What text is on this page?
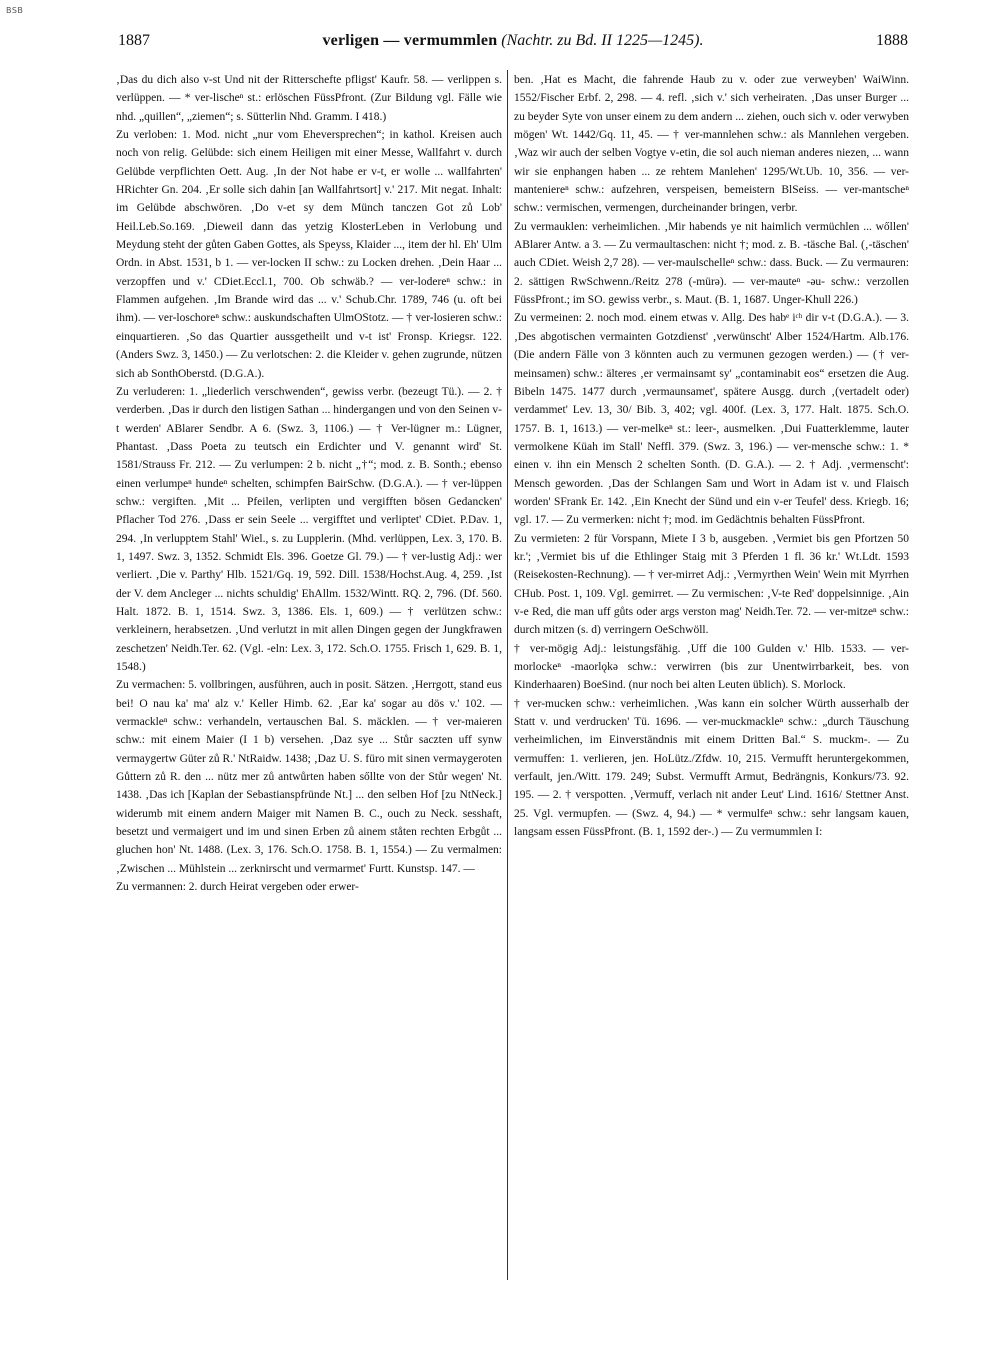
BSB
1887	verligen — vermummlen (Nachtr. zu Bd. II 1225—1245).	1888

‚Das du dich also v-st Und nit der Ritterschefte pfligst' Kaufr. 58. — verlippen s. verlüppen. — * ver-lischeⁿ st.: erlöschen FüssPfront. (Zur Bildung vgl. Fälle wie nhd. „quillen“, „ziemen“; s. Sütterlin Nhd. Gramm. I 418.)
Zu verloben: 1. Mod. nicht „nur vom Eheversprechen“; in kathol. Kreisen auch noch von relig. Gelübde: sich einem Heiligen mit einer Messe, Wallfahrt v. durch Gelübde verpflichten Oett. Aug. ‚In der Not habe er v-t, er wolle ... wallfahrten' HRichter Gn. 204. ‚Er solle sich dahin [an Wallfahrtsort] v.' 217. Mit negat. Inhalt: im Gelübde abschwören. ‚Do v-et sy dem Münch tanczen Got zů Lob' Heil.Leb.So.169. ‚Dieweil dann das yetzig KlosterLeben in Verlobung und Meydung steht der gůten Gaben Gottes, als Speyss, Klaider ..., item der hl. Eh' Ulm Ordn. in Abst. 1531, b 1. — ver-locken II schw.: zu Locken drehen. ‚Dein Haar ... verzopffen und v.' CDiet.Eccl.1, 700. Ob schwäb.? — ver-lodereⁿ schw.: in Flammen aufgehen. ‚Im Brande wird das ... v.' Schub.Chr. 1789, 746 (u. oft bei ihm). — ver-loschoreⁿ schw.: auskundschaften UlmOStotz. — † ver-losieren schw.: einquartieren. ‚So das Quartier aussgetheilt und v-t ist' Fronsp. Kriegsr. 122. (Anders Swz. 3, 1450.) — Zu verlotschen: 2. die Kleider v. gehen zugrunde, nützen sich ab SonthOberstd. (D.G.A.).
Zu verluderen: 1. „liederlich verschwenden“, gewiss verbr. (bezeugt Tü.). — 2. † verderben. ‚Das ir durch den listigen Sathan ... hindergangen und von den Seinen v-t werden' ABlarer Sendbr. A 6. (Swz. 3, 1106.) — † Ver-lügner m.: Lügner, Phantast. ‚Dass Poeta zu teutsch ein Erdichter und V. genannt wird' St. 1581/Strauss Fr. 212. — Zu verlumpen: 2 b. nicht „†“; mod. z. B. Sonth.; ebenso einen verlumpeⁿ hundeⁿ schelten, schimpfen BairSchw. (D.G.A.). — † ver-lüppen schw.: vergiften. ‚Mit ... Pfeilen, verlipten und vergifften bösen Gedancken' Pflacher Tod 276. ‚Dass er sein Seele ... vergifftet und verliptet' CDiet. P.Dav. 1, 294. ‚In verlupptem Stahl' Wiel., s. zu Lupplerin. (Mhd. verlüppen, Lex. 3, 170. B. 1, 1497. Swz. 3, 1352. Schmidt Els. 396. Goetze Gl. 79.) — † ver-lustig Adj.: wer verliert. ‚Die v. Parthy' Hlb. 1521/Gq. 19, 592. Dill. 1538/Hochst.Aug. 4, 259. ‚Ist der V. dem Ancleger ... nichts schuldig' EhAllm. 1532/Wintt. RQ. 2, 796. (Df. 560. Halt. 1872. B. 1, 1514. Swz. 3, 1386. Els. 1, 609.) — † verlützen schw.: verkleinern, herabsetzen. ‚Und verlutzt in mit allen Dingen gegen der Jungkfrawen zeschetzen' Neidh.Ter. 62. (Vgl. -eln: Lex. 3, 172. Sch.O. 1755. Frisch 1, 629. B. 1, 1548.)
Zu vermachen: 5. vollbringen, ausführen, auch in posit. Sätzen. ‚Herrgott, stand eus bei! O nau ka' ma' alz v.' Keller Himb. 62. ‚Ear ka' sogar au dös v.' 102. — vermackleⁿ schw.: verhandeln, vertauschen Bal. S. mäcklen. — † ver-maieren schw.: mit einem Maier (I 1 b) versehen. ‚Daz sye ... Stůr saczten uff synw vermaygertw Güter zů R.' NtRaidw. 1438; ‚Daz U. S. füro mit sinen vermaygeroten Gůttern zů R. den ... nütz mer zů antwůrten haben sőllte von der Stůr wegen' Nt. 1438. ‚Das ich [Kaplan der Sebastianspfründe Nt.] ... den selben Hof [zu NtNeck.] widerumb mit einem andern Maiger mit Namen B. C., ouch zu Neck. sesshaft, besetzt und vermaigert und im und sinen Erben zů ainem ståten rechten Erbgůt ... gluchen hon' Nt. 1488. (Lex. 3, 176. Sch.O. 1758. B. 1, 1554.) — Zu vermalmen: ‚Zwischen ... Mühlstein ... zerknirscht und vermarmet' Furtt. Kunstsp. 147. —
Zu vermannen: 2. durch Heirat vergeben oder erwer-

ben. ‚Hat es Macht, die fahrende Haub zu v. oder zue verweyben' WaiWinn. 1552/Fischer Erbf. 2, 298. — 4. refl. ‚sich v.' sich verheiraten. ‚Das unser Burger ... zu beyder Syte von unser einem zu dem andern ... ziehen, ouch sich v. oder verwyben mögen' Wt. 1442/Gq. 11, 45. — † ver-mannlehen schw.: als Mannlehen vergeben. ‚Waz wir auch der selben Vogtye v-etin, die sol auch nieman anderes niezen, ... wann wir sie enphangen haben ... ze rehtem Manlehen' 1295/Wt.Ub. 10, 356. — ver-manteniereⁿ schw.: aufzehren, verspeisen, bemeistern BlSeiss. — ver-mantscheⁿ schw.: vermischen, vermengen, durcheinander bringen, verbr.
Zu vermauklen: verheimlichen. ‚Mir habends ye nit haimlich vermüchlen ... wőllen' ABlarer Antw. a 3. — Zu vermaultaschen: nicht †; mod. z. B. -täsche Bal. (‚-täschen' auch CDiet. Weish 2,7 28). — ver-maulschelleⁿ schw.: dass. Buck. — Zu vermauren: 2. sättigen RwSchwenn./Reitz 278 (-mürə). — ver-mauteⁿ -əu- schw.: verzollen FüssPfront.; im SO. gewiss verbr., s. Maut. (B. 1, 1687. Unger-Khull 226.)
Zu vermeinen: 2. noch mod. einem etwas v. Allg. Des habᵉ iᶜʰ dir v-t (D.G.A.). — 3. ‚Des abgotischen vermainten Gotzdienst' ‚verwünscht' Alber 1524/Hartm. Alb.176. (Die andern Fälle von 3 könnten auch zu vermunen gezogen werden.) — († ver-meinsamen) schw.: älteres ‚er vermainsamt sy' „contaminabit eos“ ersetzen die Aug. Bibeln 1475. 1477 durch ‚vermaunsamet', spätere Ausgg. durch ‚(vertadelt oder) verdammet' Lev. 13, 30/ Bib. 3, 402; vgl. 400f. (Lex. 3, 177. Halt. 1875. Sch.O. 1757. B. 1, 1613.) — ver-melkeⁿ st.: leer-, ausmelken. ‚Dui Fuatterklemme, lauter vermolkene Küah im Stall' Neffl. 379. (Swz. 3, 196.) — ver-mensche schw.: 1. * einen v. ihn ein Mensch 2 schelten Sonth. (D. G.A.). — 2. † Adj. ‚vermenscht': Mensch geworden. ‚Das der Schlangen Sam und Wort in Adam ist v. und Flaisch worden' SFrank Er. 142. ‚Ein Knecht der Sünd und ein v-er Teufel' dess. Kriegb. 16; vgl. 17. — Zu vermerken: nicht †; mod. im Gedächtnis behalten FüssPfront.
Zu vermieten: 2 für Vorspann, Miete I 3 b, ausgeben. ‚Vermiet bis gen Pfortzen 50 kr.'; ‚Vermiet bis uf die Ethlinger Staig mit 3 Pferden 1 fl. 36 kr.' Wt.Ldt. 1593 (Reisekosten-Rechnung). — † ver-mirret Adj.: ‚Vermyrthen Wein' Wein mit Myrrhen CHub. Post. 1, 109. Vgl. gemirret. — Zu vermischen: ‚V-te Red' doppelsinnige. ‚Ain v-e Red, die man uff gůts oder args verston mag' Neidh.Ter. 72. — ver-mitzeⁿ schw.: durch mitzen (s. d) verringern OeSchwöll.
† ver-mögig Adj.: leistungsfähig. ‚Uff die 100 Gulden v.' Hlb. 1533. — ver-morlockeⁿ -maorlǫkə schw.: verwirren (bis zur Unentwirrbarkeit, bes. von Kinderhaaren) BoeSind. (nur noch bei alten Leuten üblich). S. Morlock.
† ver-mucken schw.: verheimlichen. ‚Was kann ein solcher Würth ausserhalb der Statt v. und verdrucken' Tü. 1696. — ver-muckmackleⁿ schw.: „durch Täuschung verheimlichen, im Einverständnis mit einem Dritten Bal.“ S. muckm-. — Zu vermuffen: 1. verlieren, jen. HoLütz./Zfdw. 10, 215. Vermufft heruntergekommen, verfault, jen./Witt. 179. 249; Subst. Vermufft Armut, Bedrängnis, Konkurs/73. 92. 195. — 2. † verspotten. ‚Vermuff, verlach nit ander Leut' Lind. 1616/ Stettner Anst. 25. Vgl. vermupfen. — (Swz. 4, 94.) — * vermulfeⁿ schw.: sehr langsam kauen, langsam essen FüssPfront. (B. 1, 1592 der-.) — Zu vermummlen I:
